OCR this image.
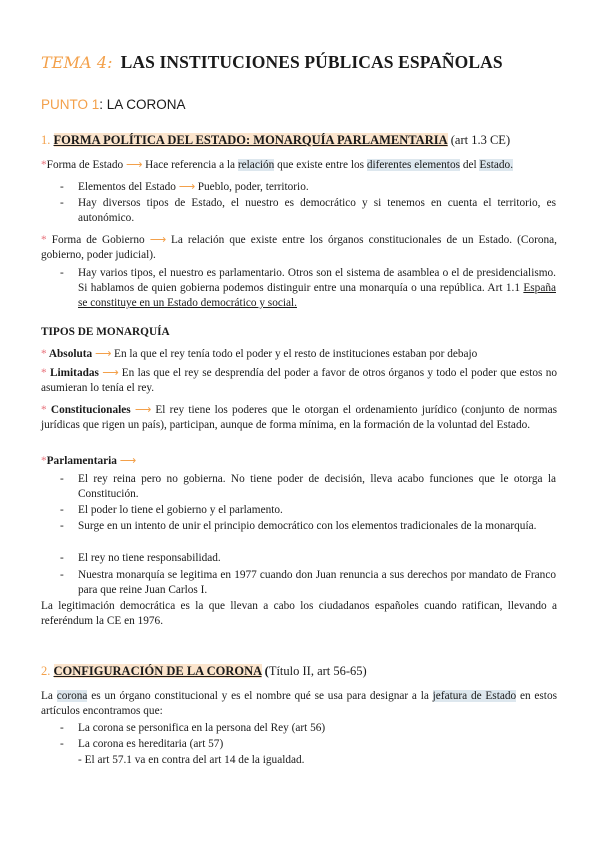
TEMA 4: LAS INSTITUCIONES PÚBLICAS ESPAÑOLAS
PUNTO 1: LA CORONA
1. FORMA POLÍTICA DEL ESTADO: MONARQUÍA PARLAMENTARIA (art 1.3 CE)
*Forma de Estado ⟶ Hace referencia a la relación que existe entre los diferentes elementos del Estado.
- Elementos del Estado ⟶ Pueblo, poder, territorio.
- Hay diversos tipos de Estado, el nuestro es democrático y si tenemos en cuenta el territorio, es autonómico.
* Forma de Gobierno ⟶ La relación que existe entre los órganos constitucionales de un Estado. (Corona, gobierno, poder judicial).
- Hay varios tipos, el nuestro es parlamentario. Otros son el sistema de asamblea o el de presidencialismo. Si hablamos de quien gobierna podemos distinguir entre una monarquía o una república. Art 1.1 España se constituye en un Estado democrático y social.
TIPOS DE MONARQUÍA
* Absoluta ⟶ En la que el rey tenía todo el poder y el resto de instituciones estaban por debajo
* Limitadas ⟶ En las que el rey se desprendía del poder a favor de otros órganos y todo el poder que estos no asumieran lo tenía el rey.
* Constitucionales ⟶ El rey tiene los poderes que le otorgan el ordenamiento jurídico (conjunto de normas jurídicas que rigen un país), participan, aunque de forma mínima, en la formación de la voluntad del Estado.
*Parlamentaria ⟶
- El rey reina pero no gobierna. No tiene poder de decisión, lleva acabo funciones que le otorga la Constitución.
- El poder lo tiene el gobierno y el parlamento.
- Surge en un intento de unir el principio democrático con los elementos tradicionales de la monarquía.
- El rey no tiene responsabilidad.
- Nuestra monarquía se legitima en 1977 cuando don Juan renuncia a sus derechos por mandato de Franco para que reine Juan Carlos I.
La legitimación democrática es la que llevan a cabo los ciudadanos españoles cuando ratifican, llevando a referéndum la CE en 1976.
2. CONFIGURACIÓN DE LA CORONA (Título II, art 56-65)
La corona es un órgano constitucional y es el nombre qué se usa para designar a la jefatura de Estado en estos artículos encontramos que:
- La corona se personifica en la persona del Rey (art 56)
- La corona es hereditaria (art 57)
- El art 57.1 va en contra del art 14 de la igualdad.
